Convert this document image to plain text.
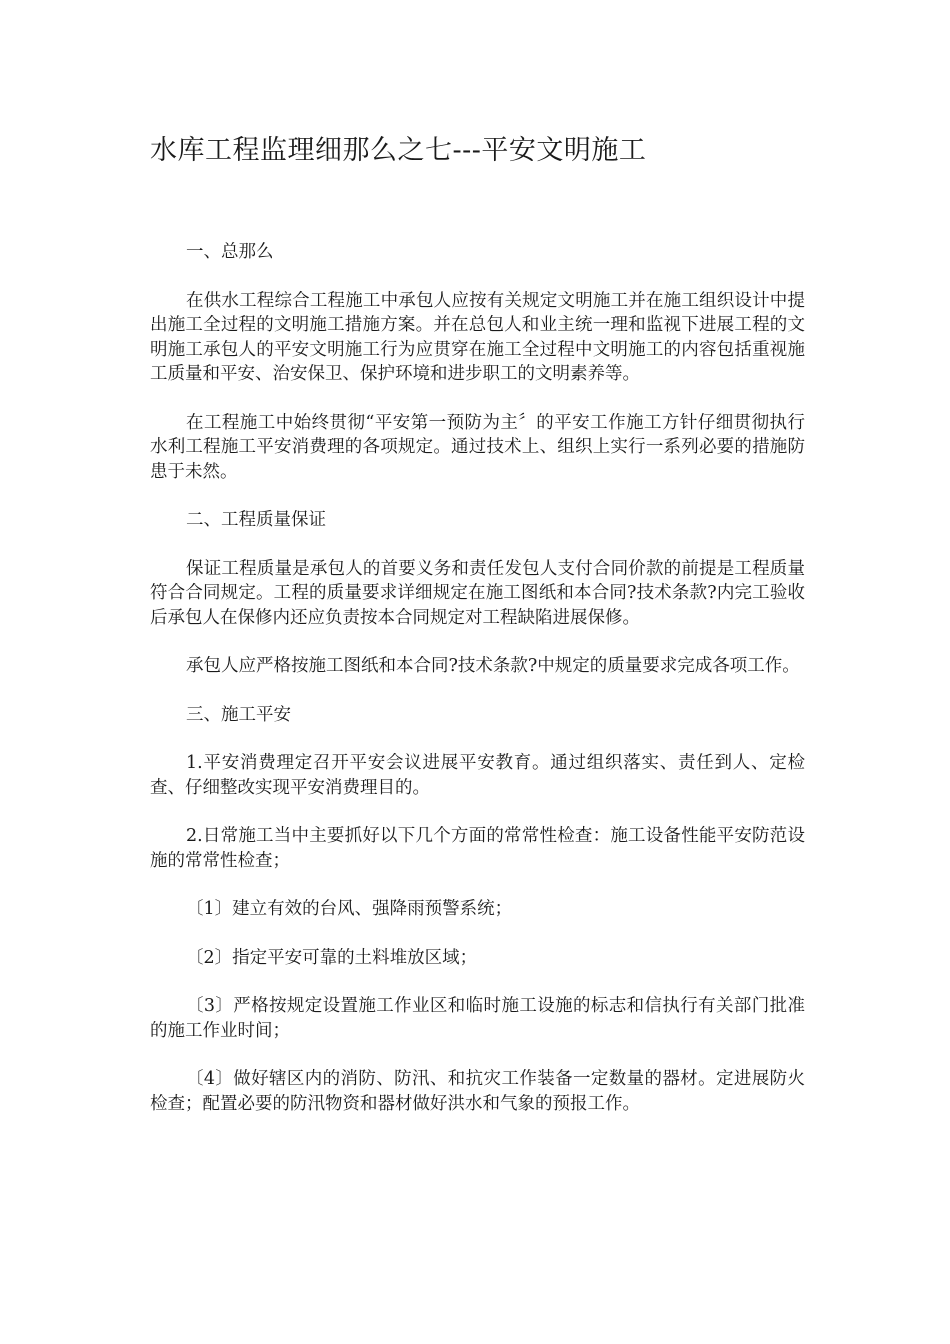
水库工程监理细那么之七---平安文明施工

一、总那么

在供水工程综合工程施工中承包人应按有关规定文明施工并在施工组织设计中提出施工全过程的文明施工措施方案。并在总包人和业主统一理和监视下进展工程的文明施工承包人的平安文明施工行为应贯穿在施工全过程中文明施工的内容包括重视施工质量和平安、治安保卫、保护环境和进步职工的文明素养等。

在工程施工中始终贯彻“平安第一预防为主〞的平安工作施工方针仔细贯彻执行水利工程施工平安消费理的各项规定。通过技术上、组织上实行一系列必要的措施防患于未然。

二、工程质量保证

保证工程质量是承包人的首要义务和责任发包人支付合同价款的前提是工程质量符合合同规定。工程的质量要求详细规定在施工图纸和本合同?技术条款?内完工验收后承包人在保修内还应负责按本合同规定对工程缺陷进展保修。

承包人应严格按施工图纸和本合同?技术条款?中规定的质量要求完成各项工作。

三、施工平安

1.平安消费理定召开平安会议进展平安教育。通过组织落实、责任到人、定检查、仔细整改实现平安消费理目的。

2.日常施工当中主要抓好以下几个方面的常常性检查：施工设备性能平安防范设施的常常性检查；

〔1〕建立有效的台风、强降雨预警系统；

〔2〕指定平安可靠的土料堆放区域；

〔3〕严格按规定设置施工作业区和临时施工设施的标志和信执行有关部门批准的施工作业时间；

〔4〕做好辖区内的消防、防汛、和抗灾工作装备一定数量的器材。定进展防火检查；配置必要的防汛物资和器材做好洪水和气象的预报工作。
